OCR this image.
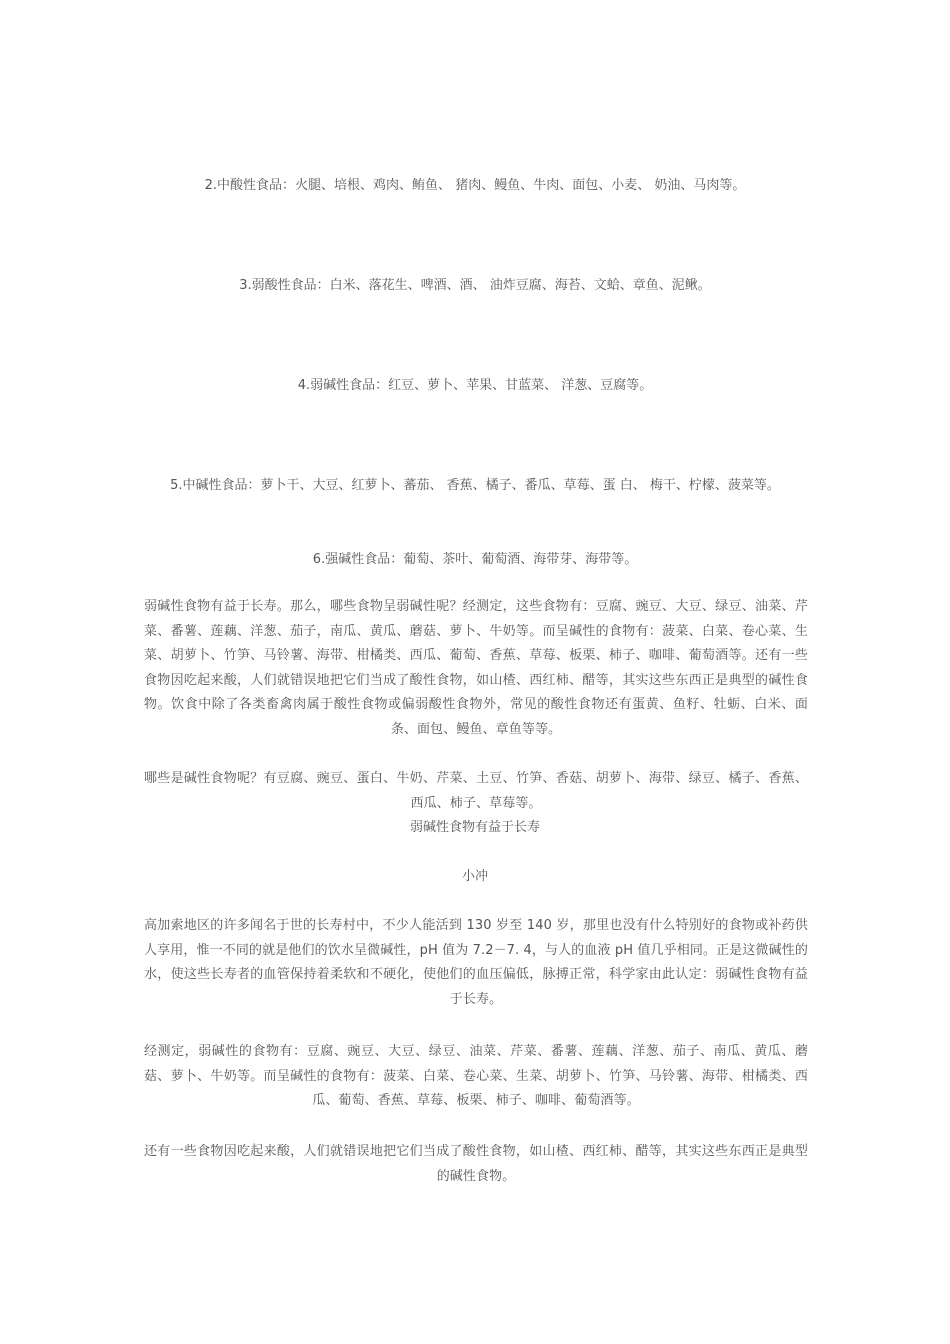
2.中酸性食品：火腿、培根、鸡肉、鲔鱼、 猪肉、鳗鱼、牛肉、面包、小麦、 奶油、马肉等。
3.弱酸性食品：白米、落花生、啤酒、酒、 油炸豆腐、海苔、文蛤、章鱼、泥鳅。
4.弱碱性食品：红豆、萝卜、苹果、甘蓝菜、 洋葱、豆腐等。
5.中碱性食品：萝卜干、大豆、红萝卜、蕃茄、 香蕉、橘子、番瓜、草莓、蛋 白、 梅干、柠檬、菠菜等。
6.强碱性食品：葡萄、茶叶、葡萄酒、海带芽、海带等。
弱碱性食物有益于长寿。那么，哪些食物呈弱碱性呢？经测定，这些食物有：豆腐、豌豆、大豆、绿豆、油菜、芹菜、番薯、莲藕、洋葱、茄子，南瓜、黄瓜、蘑菇、萝卜、牛奶等。而呈碱性的食物有：菠菜、白菜、卷心菜、生菜、胡萝卜、竹笋、马铃薯、海带、柑橘类、西瓜、葡萄、香蕉、草莓、板栗、柿子、咖啡、葡萄酒等。还有一些食物因吃起来酸，人们就错误地把它们当成了酸性食物，如山楂、西红柿、醋等，其实这些东西正是典型的碱性食物。饮食中除了各类畜禽肉属于酸性食物或偏弱酸性食物外，常见的酸性食物还有蛋黄、鱼籽、牡蛎、白米、面条、面包、鳗鱼、章鱼等等。
哪些是碱性食物呢？有豆腐、豌豆、蛋白、牛奶、芹菜、土豆、竹笋、香菇、胡萝卜、海带、绿豆、橘子、香蕉、西瓜、柿子、草莓等。
弱碱性食物有益于长寿
小冲
高加索地区的许多闻名于世的长寿村中，不少人能活到 130 岁至 140 岁，那里也没有什么特别好的食物或补药供人享用，惟一不同的就是他们的饮水呈微碱性，pH 值为 7.2－7. 4，与人的血液 pH 值几乎相同。正是这微碱性的水，使这些长寿者的血管保持着柔软和不硬化，使他们的血压偏低，脉搏正常，科学家由此认定：弱碱性食物有益于长寿。
经测定，弱碱性的食物有：豆腐、豌豆、大豆、绿豆、油菜、芹菜、番薯、莲藕、洋葱、茄子、南瓜、黄瓜、蘑菇、萝卜、牛奶等。而呈碱性的食物有：菠菜、白菜、卷心菜、生菜、胡萝卜、竹笋、马铃薯、海带、柑橘类、西瓜、葡萄、香蕉、草莓、板栗、柿子、咖啡、葡萄酒等。
还有一些食物因吃起来酸，人们就错误地把它们当成了酸性食物，如山楂、西红柿、醋等，其实这些东西正是典型的碱性食物。
